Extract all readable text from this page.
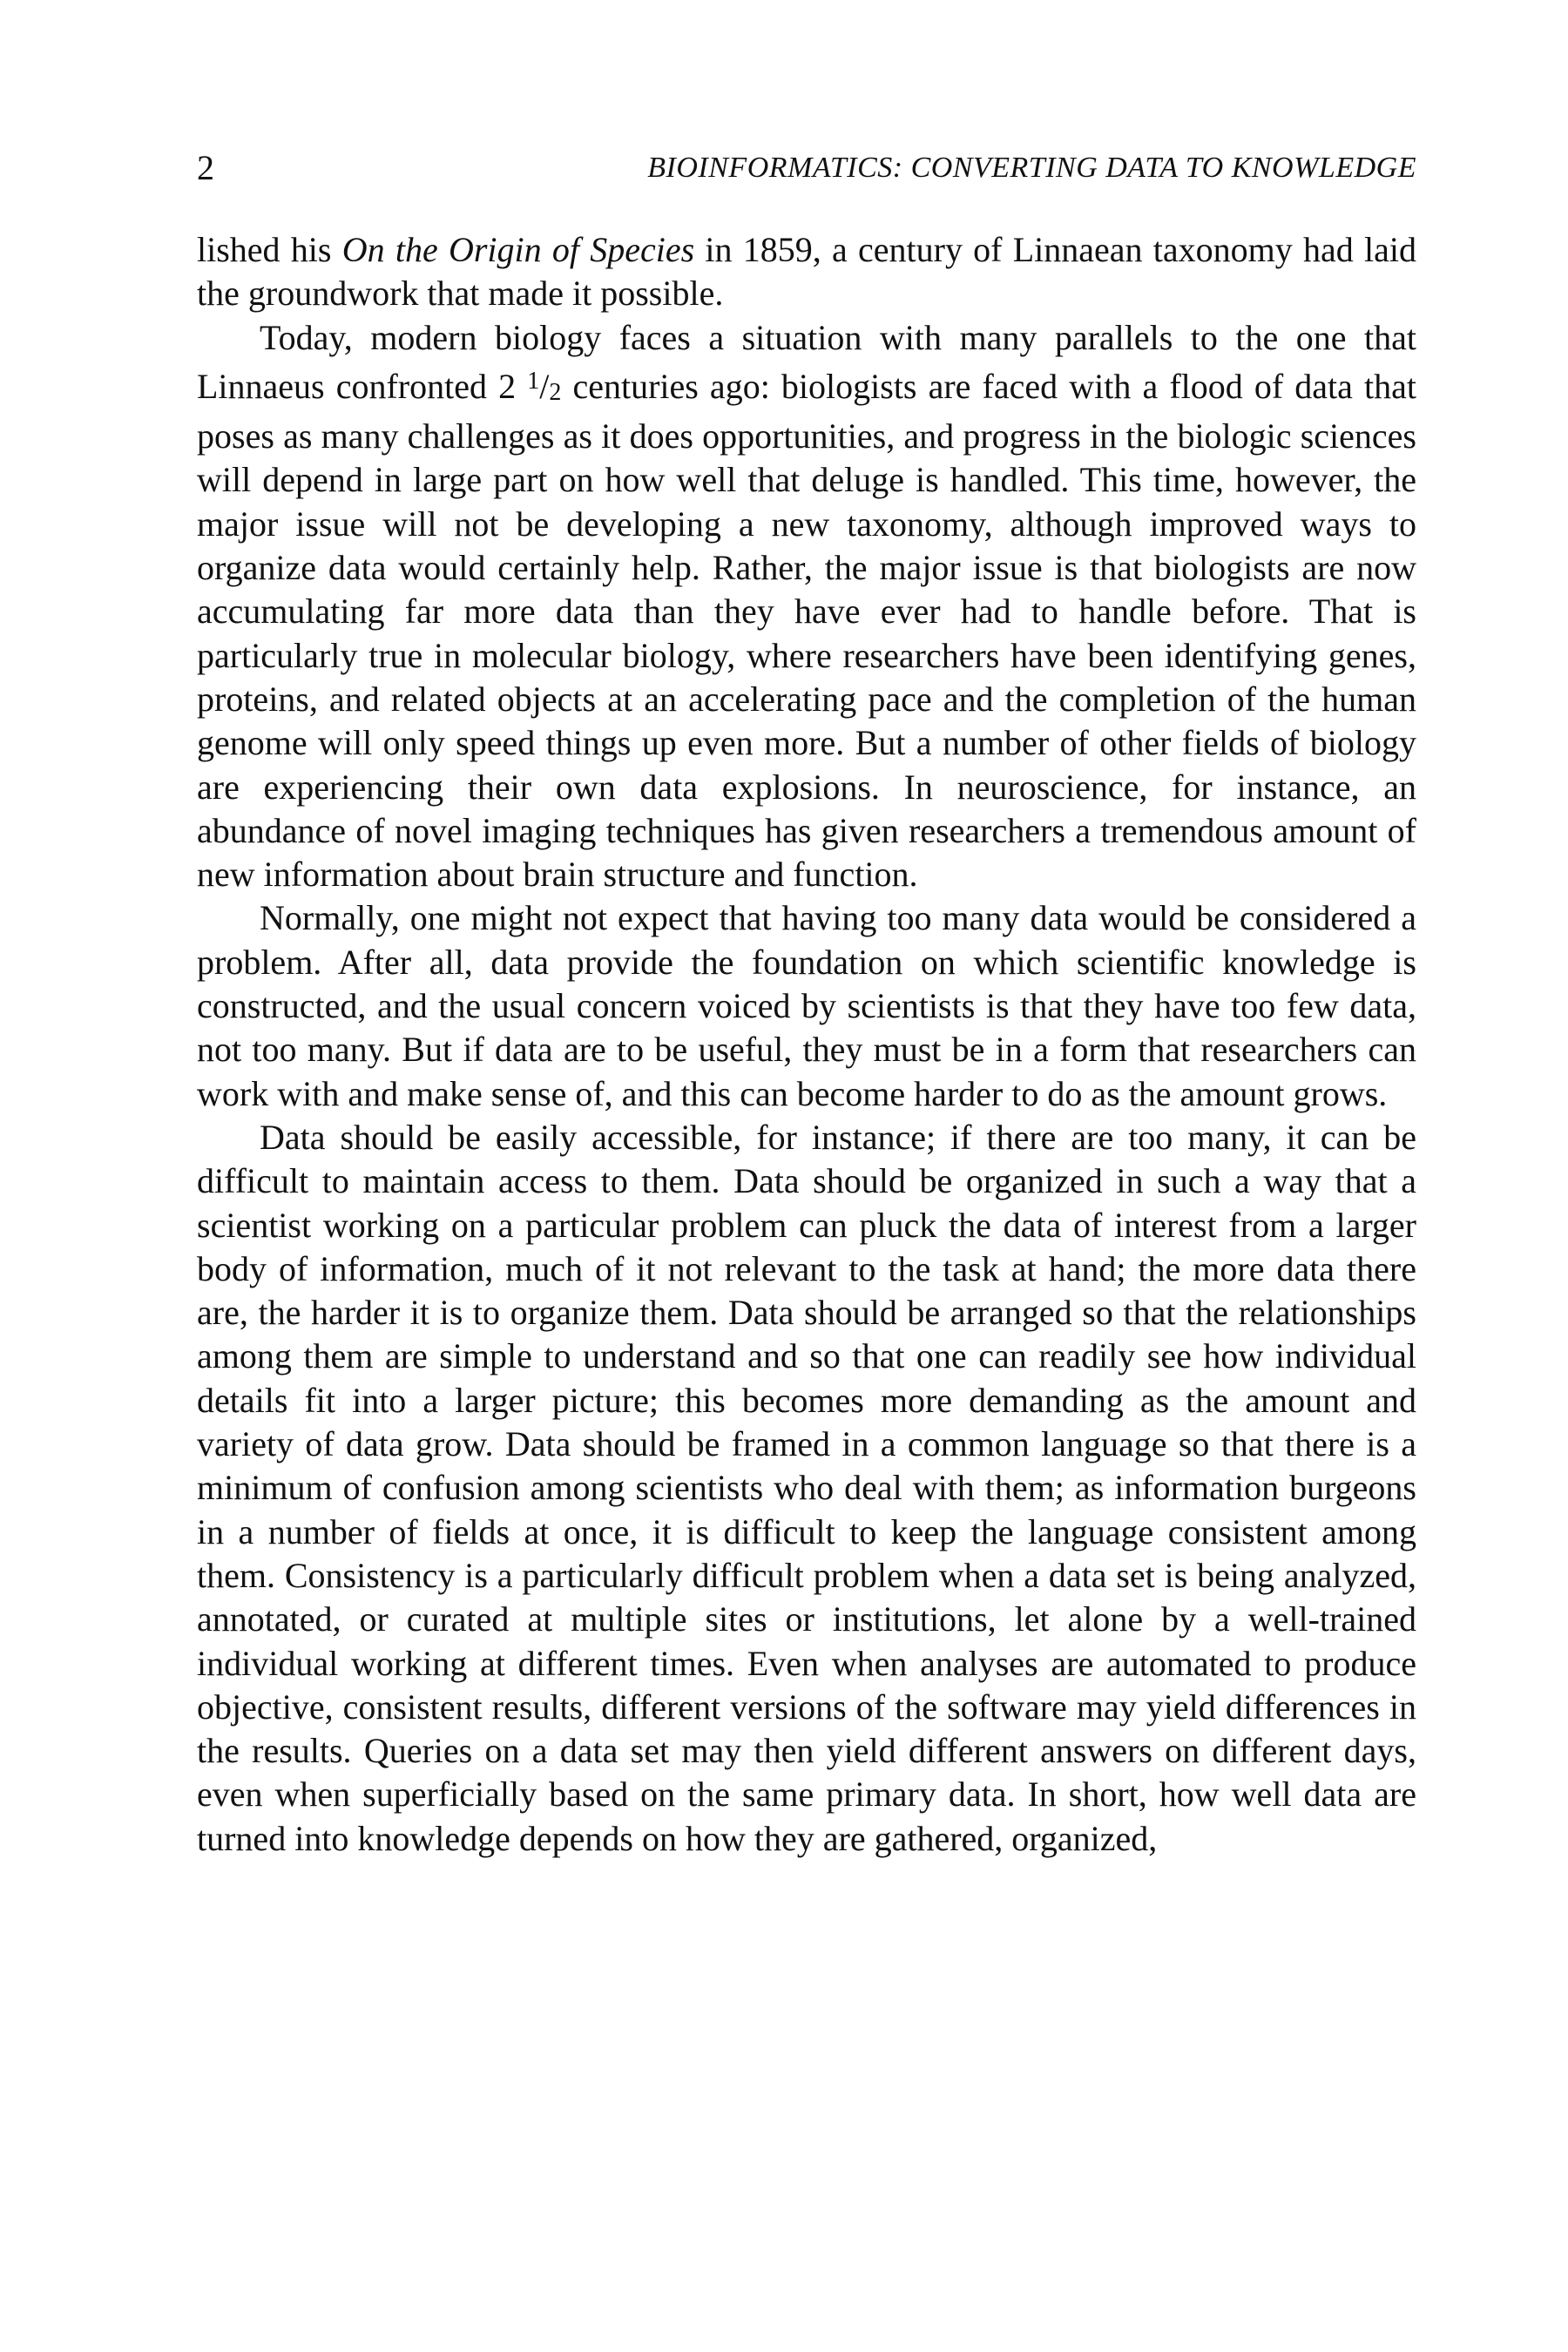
2	BIOINFORMATICS: CONVERTING DATA TO KNOWLEDGE

lished his On the Origin of Species in 1859, a century of Linnaean taxonomy had laid the groundwork that made it possible.

Today, modern biology faces a situation with many parallels to the one that Linnaeus confronted 2 $^1$/2 centuries ago: biologists are faced with a flood of data that poses as many challenges as it does opportunities, and progress in the biologic sciences will depend in large part on how well that deluge is handled. This time, however, the major issue will not be developing a new taxonomy, although improved ways to organize data would certainly help. Rather, the major issue is that biologists are now accumulating far more data than they have ever had to handle before. That is particularly true in molecular biology, where researchers have been identifying genes, proteins, and related objects at an accelerating pace and the completion of the human genome will only speed things up even more. But a number of other fields of biology are experiencing their own data explosions. In neuroscience, for instance, an abundance of novel imaging techniques has given researchers a tremendous amount of new information about brain structure and function.

Normally, one might not expect that having too many data would be considered a problem. After all, data provide the foundation on which scientific knowledge is constructed, and the usual concern voiced by scientists is that they have too few data, not too many. But if data are to be useful, they must be in a form that researchers can work with and make sense of, and this can become harder to do as the amount grows.

Data should be easily accessible, for instance; if there are too many, it can be difficult to maintain access to them. Data should be organized in such a way that a scientist working on a particular problem can pluck the data of interest from a larger body of information, much of it not relevant to the task at hand; the more data there are, the harder it is to organize them. Data should be arranged so that the relationships among them are simple to understand and so that one can readily see how individual details fit into a larger picture; this becomes more demanding as the amount and variety of data grow. Data should be framed in a common language so that there is a minimum of confusion among scientists who deal with them; as information burgeons in a number of fields at once, it is difficult to keep the language consistent among them. Consistency is a particularly difficult problem when a data set is being analyzed, annotated, or curated at multiple sites or institutions, let alone by a well-trained individual working at different times. Even when analyses are automated to produce objective, consistent results, different versions of the software may yield differences in the results. Queries on a data set may then yield different answers on different days, even when superficially based on the same primary data. In short, how well data are turned into knowledge depends on how they are gathered, organized,
